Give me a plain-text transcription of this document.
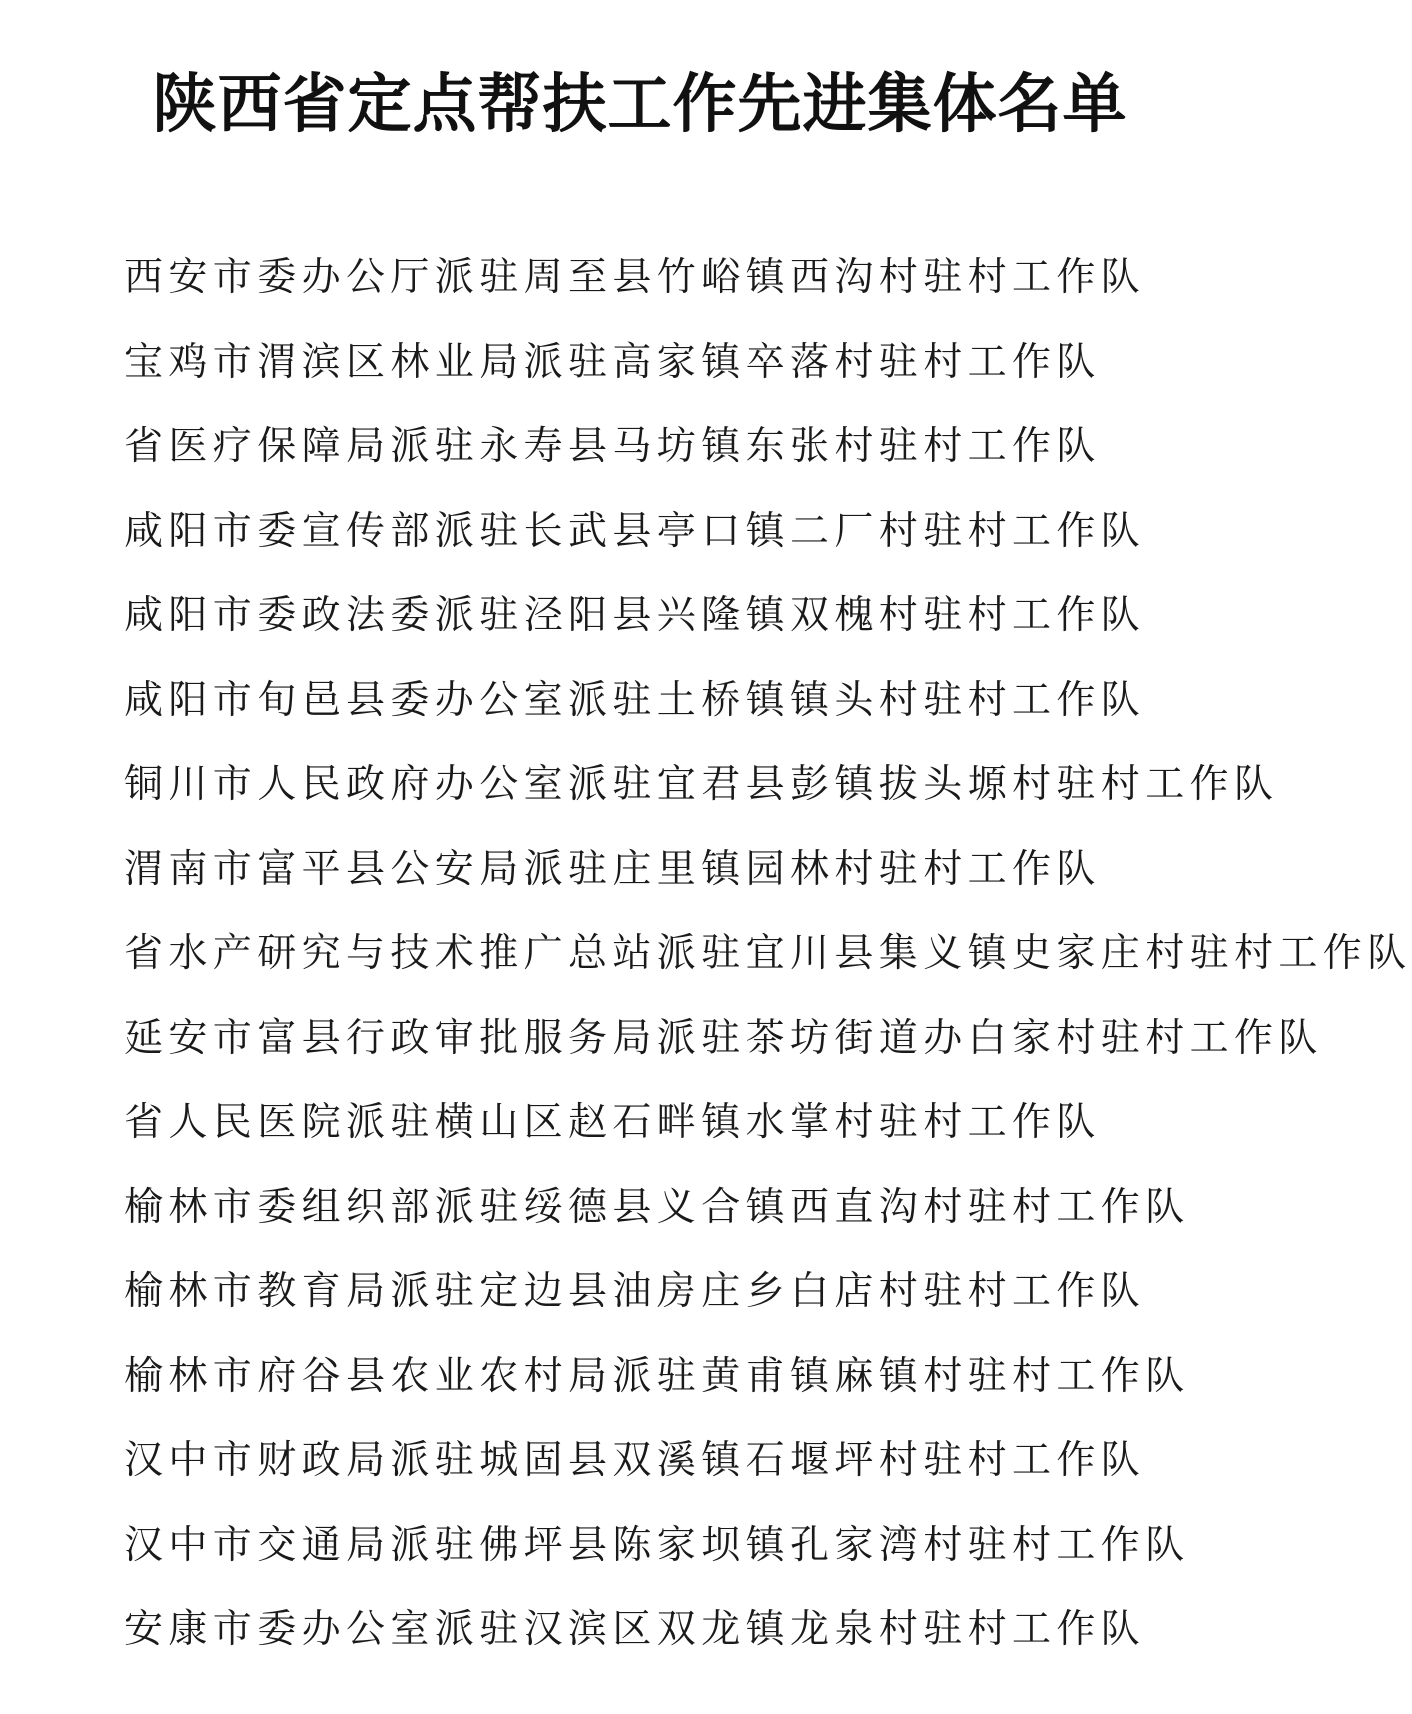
陕西省定点帮扶工作先进集体名单
西安市委办公厅派驻周至县竹峪镇西沟村驻村工作队
宝鸡市渭滨区林业局派驻高家镇卒落村驻村工作队
省医疗保障局派驻永寿县马坊镇东张村驻村工作队
咸阳市委宣传部派驻长武县亭口镇二厂村驻村工作队
咸阳市委政法委派驻泾阳县兴隆镇双槐村驻村工作队
咸阳市旬邑县委办公室派驻土桥镇镇头村驻村工作队
铜川市人民政府办公室派驻宜君县彭镇拔头塬村驻村工作队
渭南市富平县公安局派驻庄里镇园林村驻村工作队
省水产研究与技术推广总站派驻宜川县集义镇史家庄村驻村工作队
延安市富县行政审批服务局派驻茶坊街道办白家村驻村工作队
省人民医院派驻横山区赵石畔镇水掌村驻村工作队
榆林市委组织部派驻绥德县义合镇西直沟村驻村工作队
榆林市教育局派驻定边县油房庄乡白店村驻村工作队
榆林市府谷县农业农村局派驻黄甫镇麻镇村驻村工作队
汉中市财政局派驻城固县双溪镇石堰坪村驻村工作队
汉中市交通局派驻佛坪县陈家坝镇孔家湾村驻村工作队
安康市委办公室派驻汉滨区双龙镇龙泉村驻村工作队
